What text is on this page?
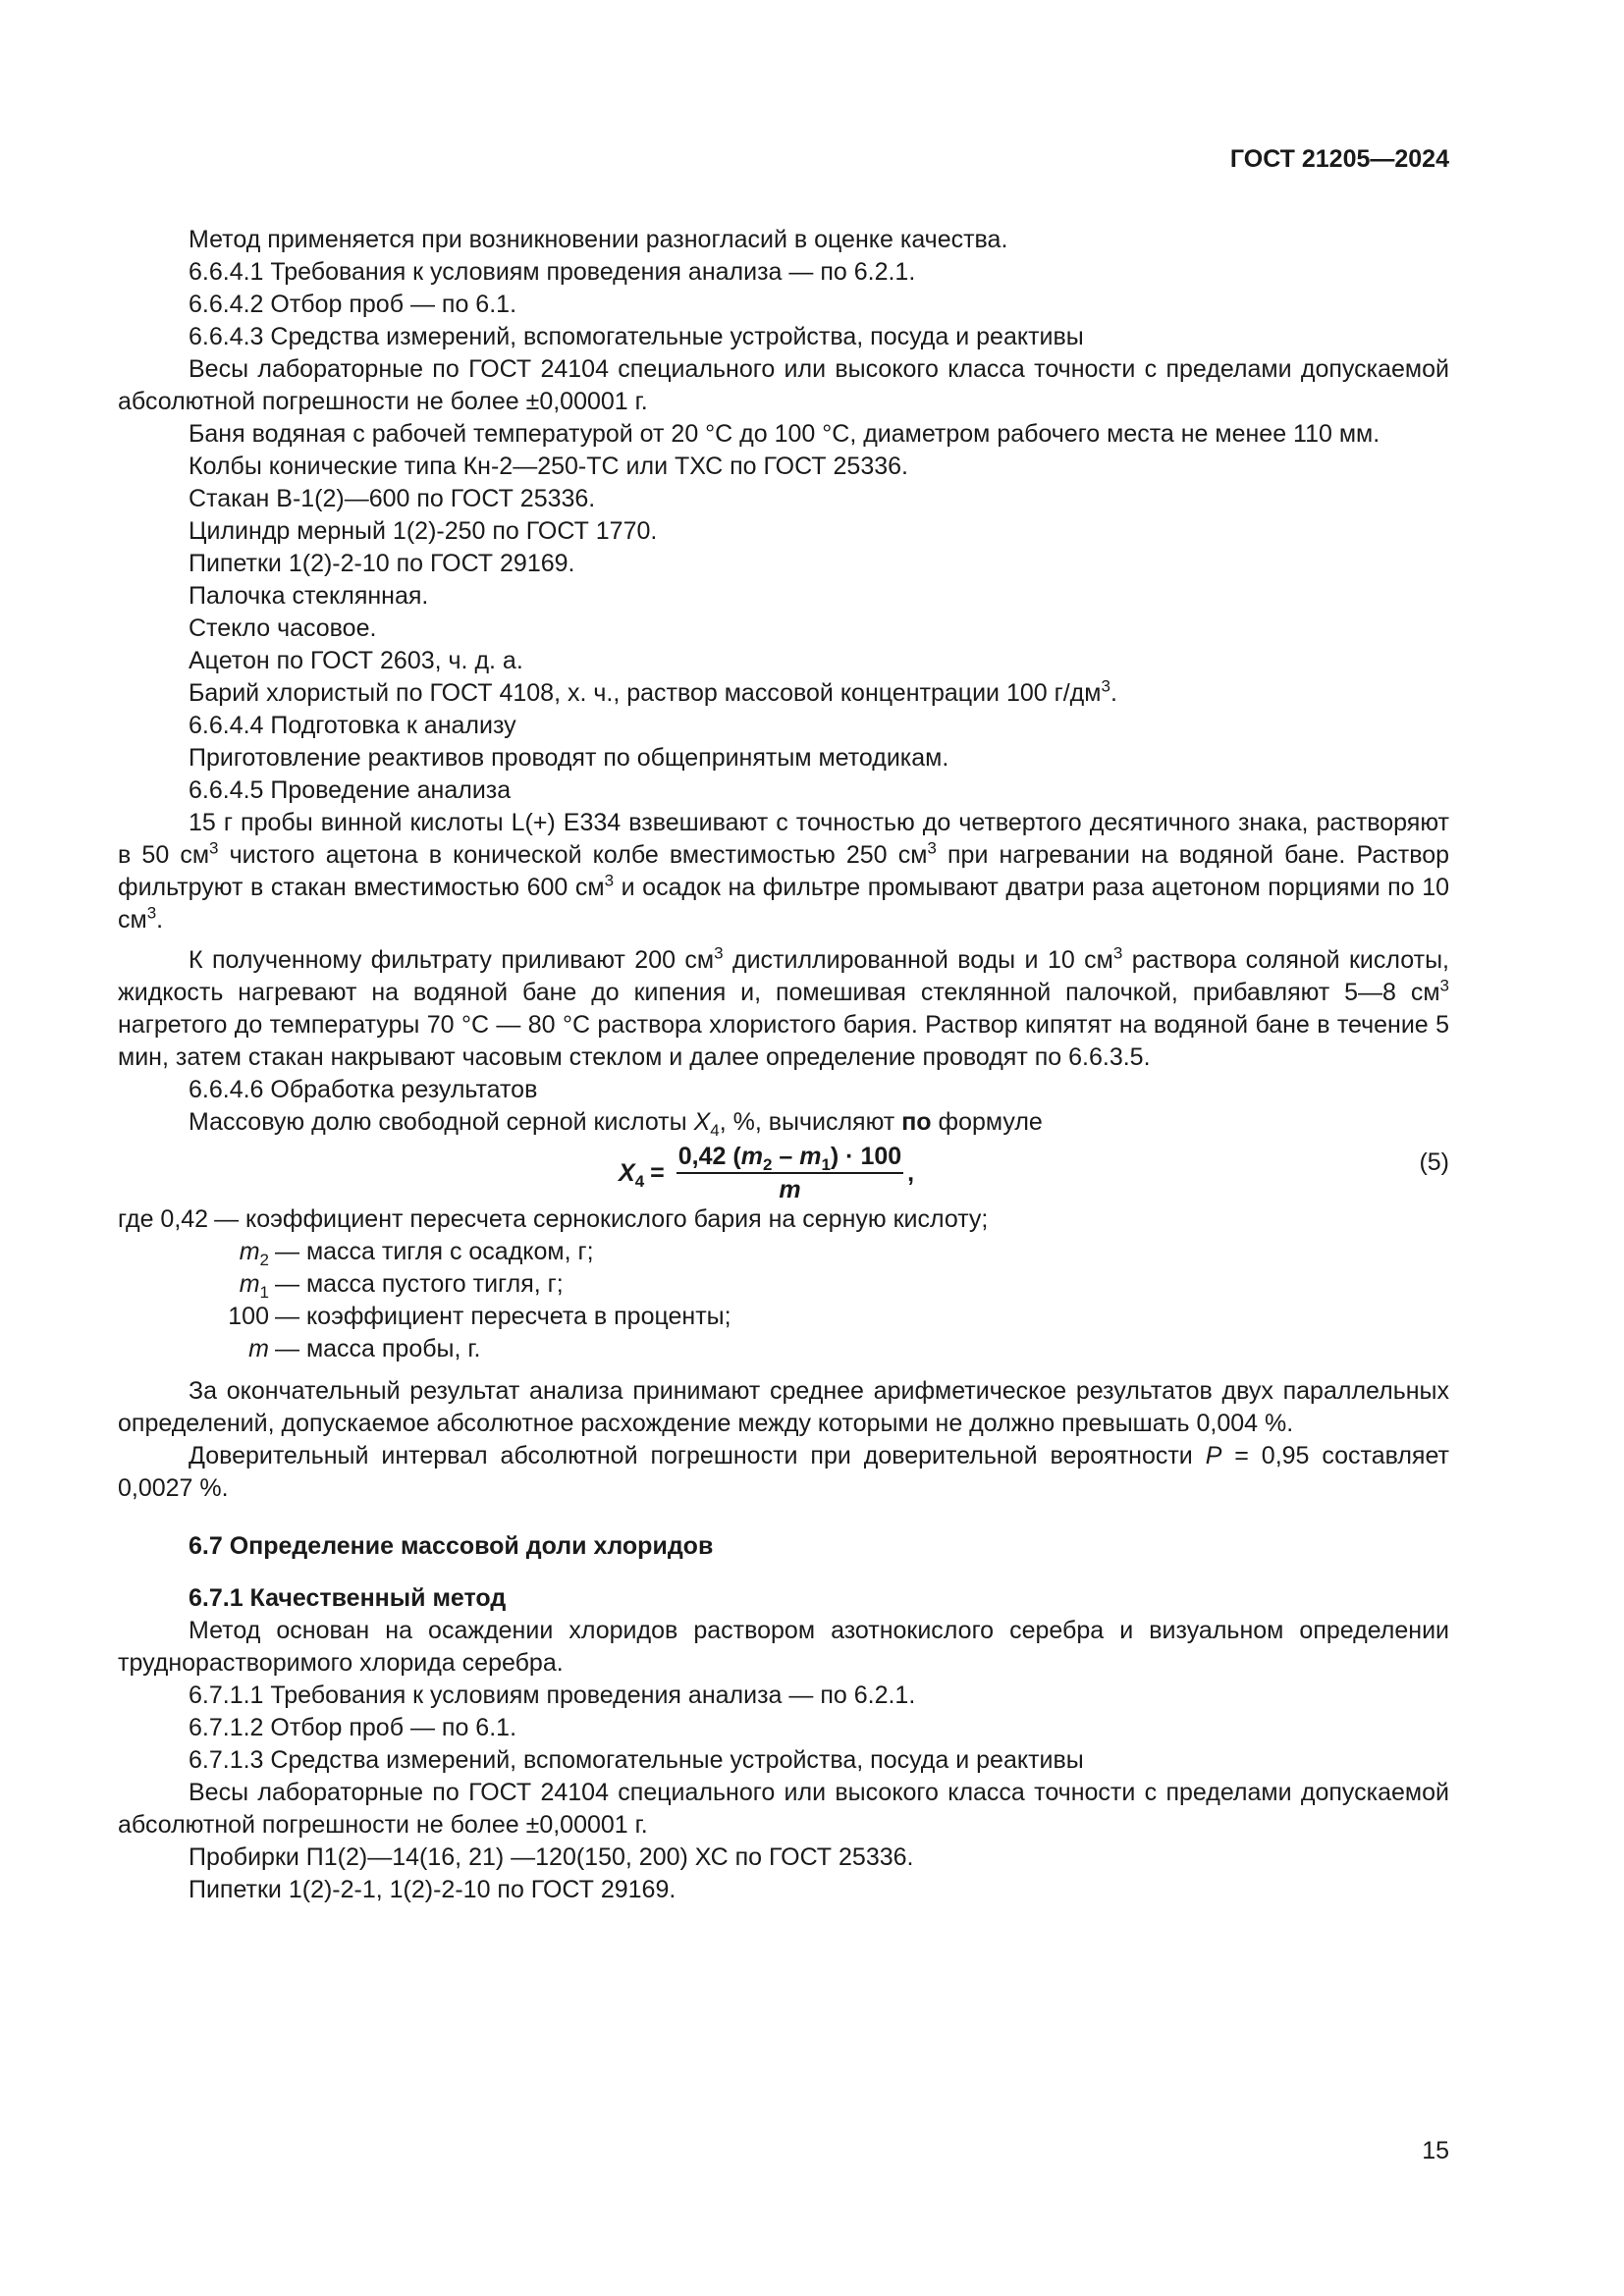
ГОСТ 21205—2024

Метод применяется при возникновении разногласий в оценке качества.

6.6.4.1 Требования к условиям проведения анализа — по 6.2.1.

6.6.4.2 Отбор проб — по 6.1.

6.6.4.3 Средства измерений, вспомогательные устройства, посуда и реактивы

Весы лабораторные по ГОСТ 24104 специального или высокого класса точности с пределами допускаемой абсолютной погрешности не более ±0,00001 г.

Баня водяная с рабочей температурой от 20 °С до 100 °С, диаметром рабочего места не менее 110 мм.

Колбы конические типа Кн-2—250-ТС или ТХС по ГОСТ 25336.

Стакан В-1(2)—600 по ГОСТ 25336.

Цилиндр мерный 1(2)-250 по ГОСТ 1770.

Пипетки 1(2)-2-10 по ГОСТ 29169.

Палочка стеклянная.

Стекло часовое.

Ацетон по ГОСТ 2603, ч. д. а.

Барий хлористый по ГОСТ 4108, х. ч., раствор массовой концентрации 100 $г/дм^3$.

6.6.4.4 Подготовка к анализу

Приготовление реактивов проводят по общепринятым методикам.

6.6.4.5 Проведение анализа

15 г пробы винной кислоты L(+) Е334 взвешивают с точностью до четвертого десятичного знака, растворяют в 50 $см^3$ чистого ацетона в конической колбе вместимостью 250 $см^3$ при нагревании на водяной бане. Раствор фильтруют в стакан вместимостью 600 $см^3$ и осадок на фильтре промывают дватри раза ацетоном порциями по 10 $см^3$.

К полученному фильтрату приливают 200 $см^3$ дистиллированной воды и 10 $см^3$ раствора соляной кислоты, жидкость нагревают на водяной бане до кипения и, помешивая стеклянной палочкой, прибавляют 5—8 $см^3$ нагретого до температуры 70 °С — 80 °С раствора хлористого бария. Раствор кипятят на водяной бане в течение 5 мин, затем стакан накрывают часовым стеклом и далее определение проводят по 6.6.3.5.

6.6.4.6 Обработка результатов

Массовую долю свободной серной кислоты $X_4$, %, вычисляют по формуле

$X_4 = \frac{0,42 (m_2 - m_1) \cdot 100}{m}$ ,	(5)
где 0,42 — коэффициент пересчета сернокислого бария на серную кислоту;
$m_2$ — масса тигля с осадком, г;
$m_1$ — масса пустого тигля, г;
100 — коэффициент пересчета в проценты;
m — масса пробы, г.

За окончательный результат анализа принимают среднее арифметическое результатов двух параллельных определений, допускаемое абсолютное расхождение между которыми не должно превышать 0,004 %.

Доверительный интервал абсолютной погрешности при доверительной вероятности P = 0,95 составляет 0,0027 %.

6.7 Определение массовой доли хлоридов

6.7.1 Качественный метод

Метод основан на осаждении хлоридов раствором азотнокислого серебра и визуальном определении труднорастворимого хлорида серебра.

6.7.1.1 Требования к условиям проведения анализа — по 6.2.1.

6.7.1.2 Отбор проб — по 6.1.

6.7.1.3 Средства измерений, вспомогательные устройства, посуда и реактивы

Весы лабораторные по ГОСТ 24104 специального или высокого класса точности с пределами допускаемой абсолютной погрешности не более ±0,00001 г.

Пробирки П1(2)—14(16, 21) —120(150, 200) ХС по ГОСТ 25336.

Пипетки 1(2)-2-1, 1(2)-2-10 по ГОСТ 29169.

15
